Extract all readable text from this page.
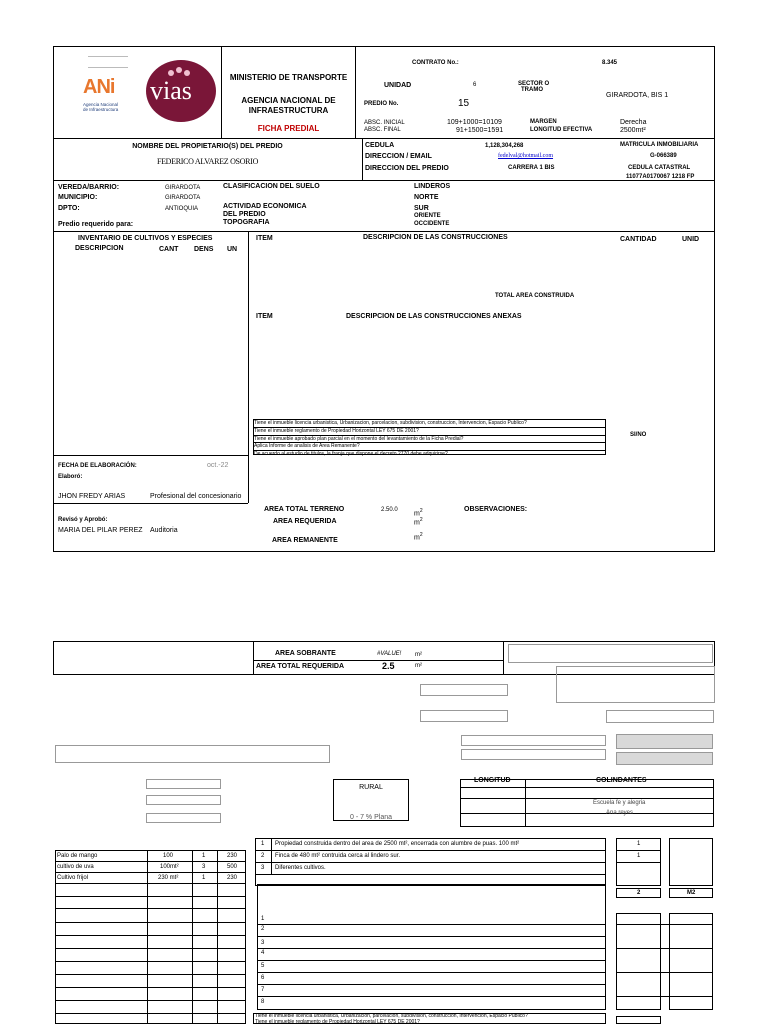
ANi
Agencia Nacional de Infraestructura
vias	MINISTERIO DE TRANSPORTE
AGENCIA NACIONAL DE
INFRAESTRUCTURA
FICHA PREDIAL
CONTRATO No.:	8.345
UNIDAD	6	SECTOR O
TRAMO
GIRARDOTA, BIS 1
PREDIO No.	15
ABSC. INICIAL	109+1000=10109
ABSC. FINAL	91+1500=1591
MARGEN	Derecha
LONGITUD EFECTIVA	2500mt²
NOMBRE DEL PROPIETARIO(S) DEL PREDIO
FEDERICO ALVAREZ OSORIO
CEDULA	1,128,304,268
DIRECCION / EMAIL	fedelval@hotmail.com
DIRECCION DEL PREDIO	CARRERA 1 BIS
MATRICULA INMOBILIARIA
G-066389
CEDULA CATASTRAL
11077A0170067 1218 FP
VEREDA/BARRIO:	GIRARDOTA
MUNICIPIO:	GIRARDOTA
DPTO:	ANTIOQUIA
Predio requerido para:
CLASIFICACION DEL SUELO
ACTIVIDAD ECONOMICA
DEL PREDIO
TOPOGRAFIA
LINDEROS
NORTE
SUR
ORIENTE
OCCIDENTE
INVENTARIO DE CULTIVOS Y ESPECIES
DESCRIPCION	CANT DENS UN
ITEM	DESCRIPCION DE LAS CONSTRUCCIONES	CANTIDAD	UNID
TOTAL AREA CONSTRUIDA
ITEM	DESCRIPCION DE LAS CONSTRUCCIONES ANEXAS
Tiene el inmueble licencia urbanistica, Urbanizacion, parcelacion, subdivision, construccion, Intervencion, Espacio Publico?
Tiene el inmueble reglamento de Propiedad Horizontal LEY 675 DE 2001?
Tiene el inmueble aprobado plan parcial en el momento del levantamiento de la Ficha Predial?
Aplica Informe de analisis de Area Remanente?
De acuerdo al estudio de titulos, la franja que dispone el decreto 2770 debe adquirirse?
SI/NO
FECHA DE ELABORACIÓN:	oct.-22
Elaboró:
JHON FREDY ARIAS	Profesional del concesionario
Revisó y Aprobó:
MARIA DEL PILAR PEREZ Auditoria
AREA TOTAL TERRENO	2.50.0
$m^2$
AREA REQUERIDA	$m^2$
AREA REMANENTE	$m^2$
OBSERVACIONES:
AREA SOBRANTE	#VALUE! m²
AREA TOTAL REQUERIDA	2.5	m²
RURAL
0 - 7 % Plana
LONGITUD	COLINDANTES
Escuela fe y alegria
Ana reyes
1 Propiedad construida dentro del area de 2500 mt², encerrada con alumbre de puas. 100 mt²
2 Finca de 480 mt² contruida cerca al lindero sur.
3 Diferentes cultivos.
1
1
2	M2
Palo de mango	100	1	230
cultivo de uva	100mt²	3	500
Cultivo frijol	230 mt²	1	230
1
2
3
4
5
6
7
8
Tiene el inmueble licencia urbanistica, Urbanizacion, parcelacion, subdivision, construccion, Intervencion, Espacio Publico?
Tiene el inmueble reglamento de Propiedad Horizontal LEY 675 DE 2001?
